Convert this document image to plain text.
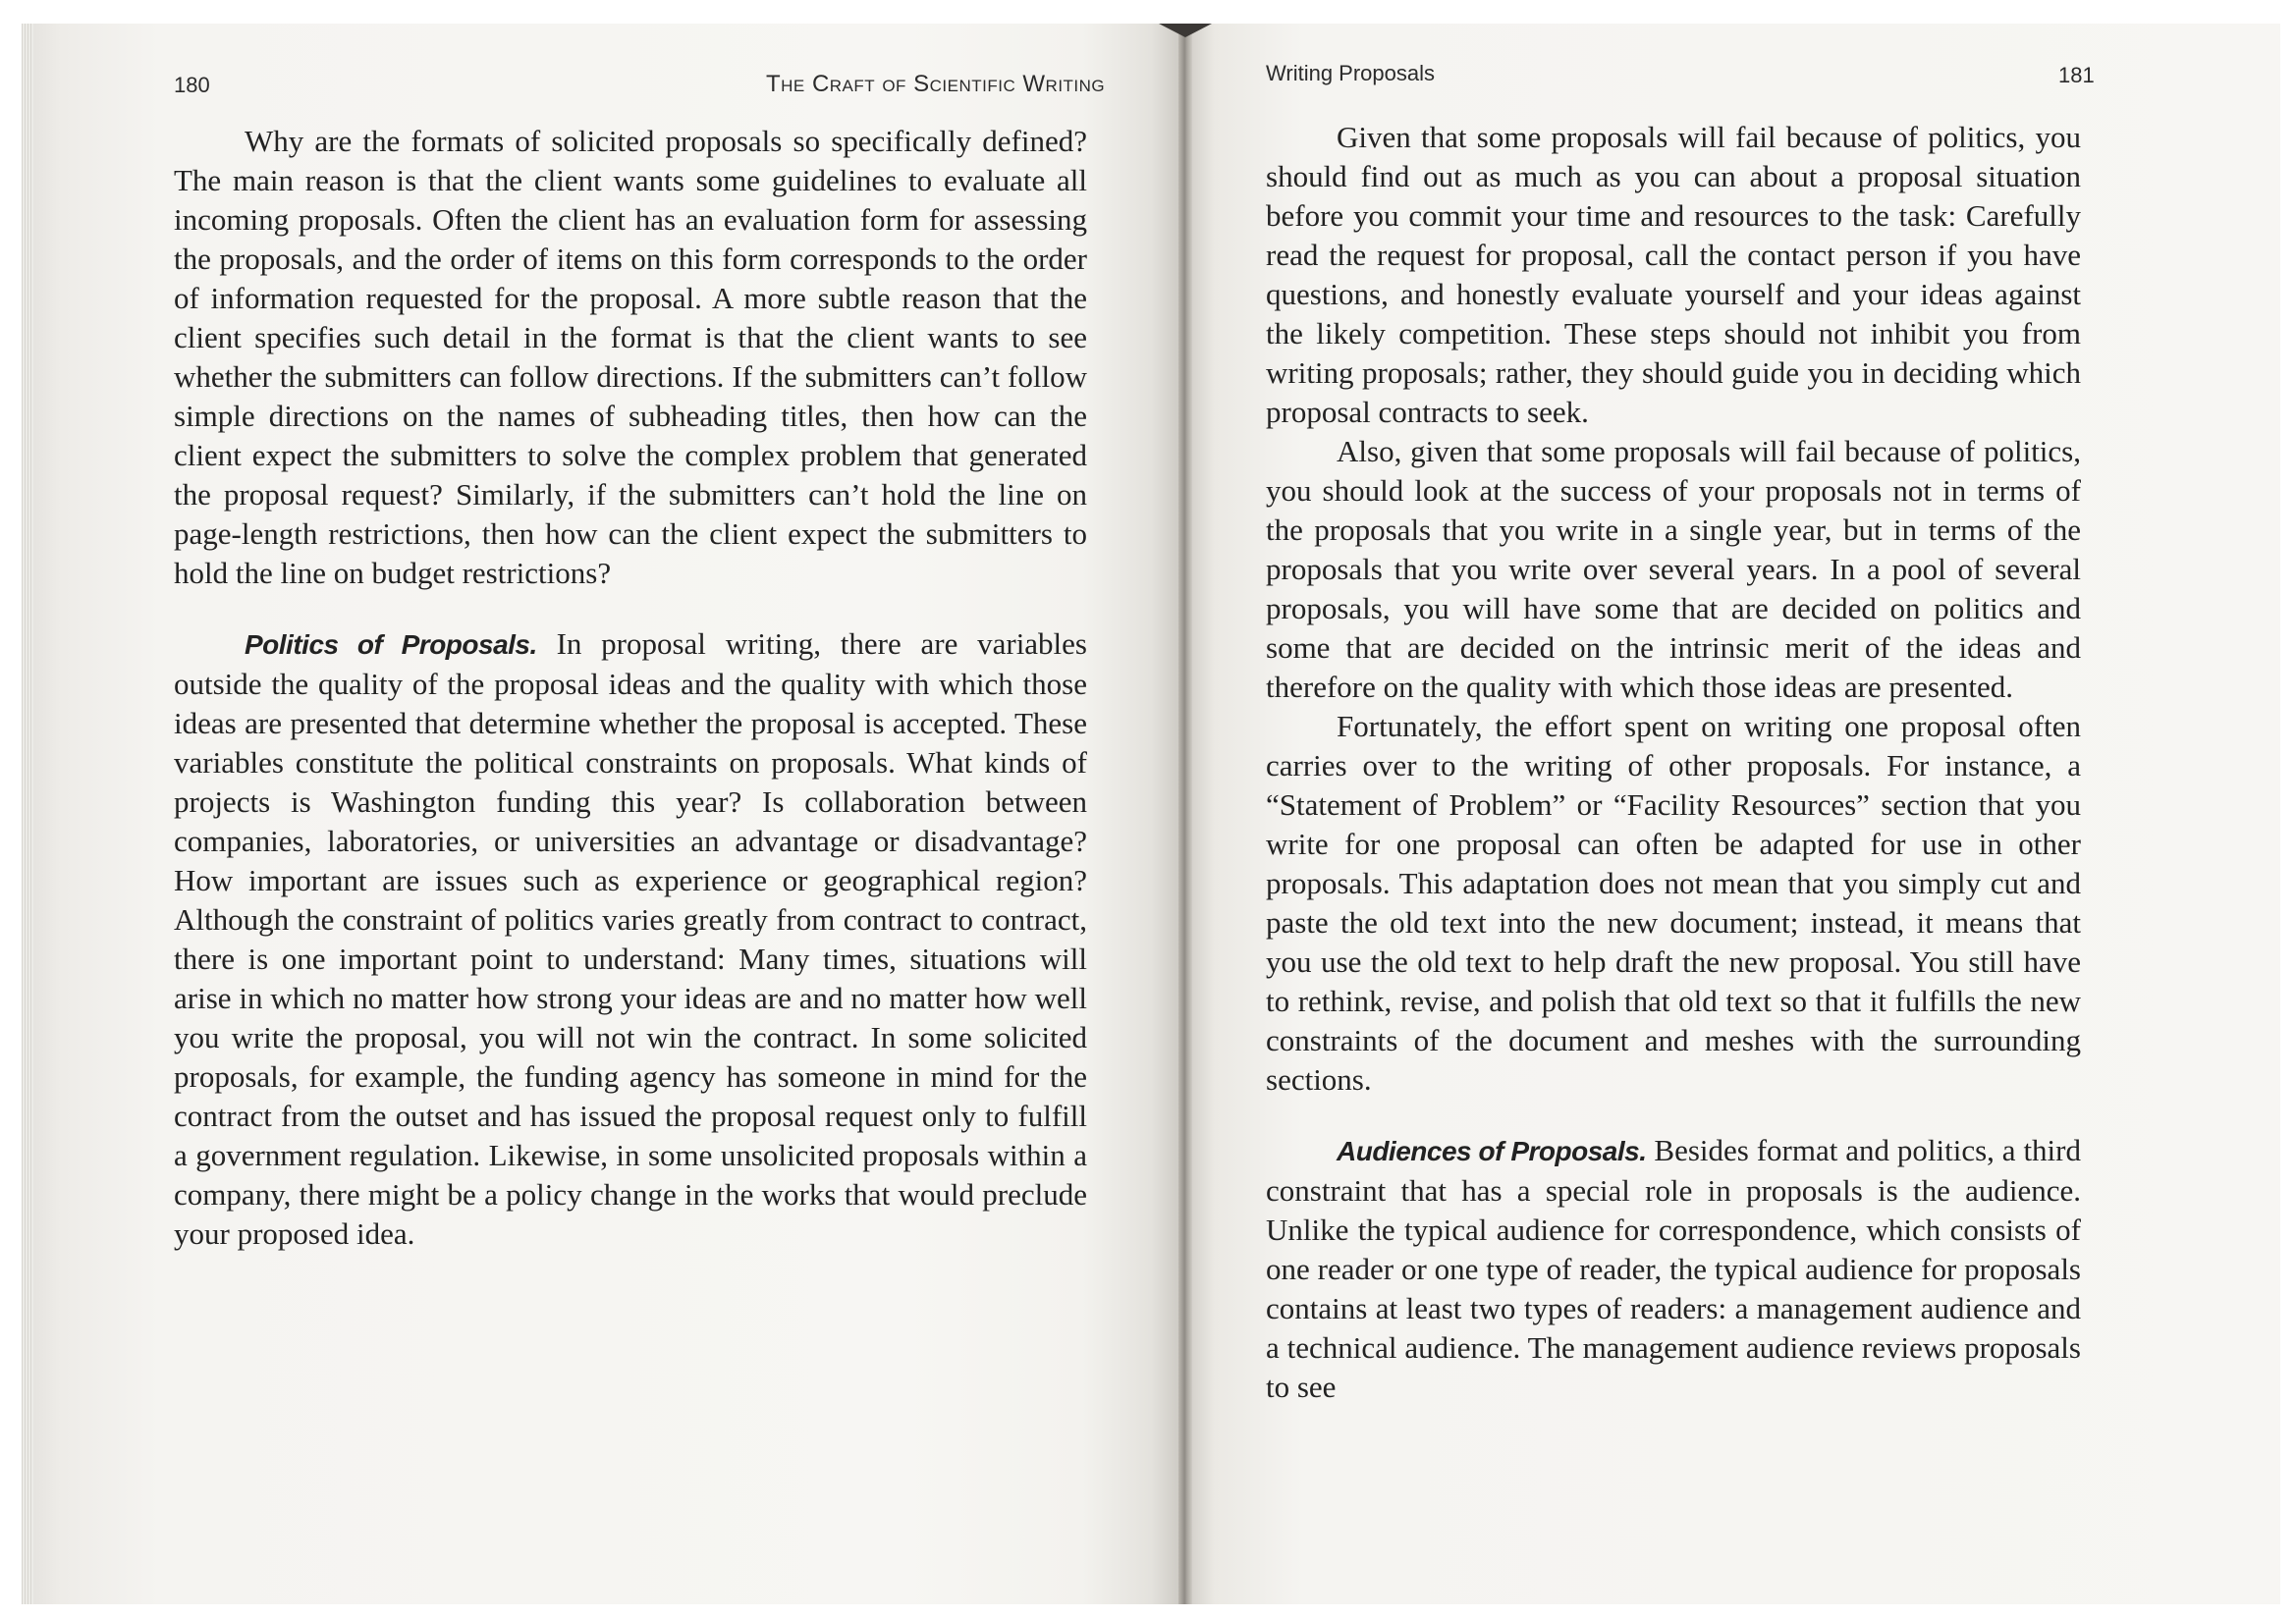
180	The Craft of Scientific Writing

Why are the formats of solicited proposals so specifically defined? The main reason is that the client wants some guidelines to evaluate all incoming proposals. Often the client has an evaluation form for assessing the proposals, and the order of items on this form corresponds to the order of information requested for the proposal. A more subtle reason that the client specifies such detail in the format is that the client wants to see whether the submitters can follow directions. If the submitters can’t follow simple directions on the names of subheading titles, then how can the client expect the submitters to solve the complex problem that generated the proposal request? Similarly, if the submitters can’t hold the line on page-length restrictions, then how can the client expect the submitters to hold the line on budget restrictions?

Politics of Proposals. In proposal writing, there are variables outside the quality of the proposal ideas and the quality with which those ideas are presented that determine whether the proposal is accepted. These variables constitute the political constraints on proposals. What kinds of projects is Washington funding this year? Is collaboration between companies, laboratories, or universities an advantage or disadvantage? How important are issues such as experience or geographical region? Although the constraint of politics varies greatly from contract to contract, there is one important point to understand: Many times, situations will arise in which no matter how strong your ideas are and no matter how well you write the proposal, you will not win the contract. In some solicited proposals, for example, the funding agency has someone in mind for the contract from the outset and has issued the proposal request only to fulfill a government regulation. Likewise, in some unsolicited proposals within a company, there might be a policy change in the works that would preclude your proposed idea.

Writing Proposals	181

Given that some proposals will fail because of politics, you should find out as much as you can about a proposal situation before you commit your time and resources to the task: Carefully read the request for proposal, call the contact person if you have questions, and honestly evaluate yourself and your ideas against the likely competition. These steps should not inhibit you from writing proposals; rather, they should guide you in deciding which proposal contracts to seek.

Also, given that some proposals will fail because of politics, you should look at the success of your proposals not in terms of the proposals that you write in a single year, but in terms of the proposals that you write over several years. In a pool of several proposals, you will have some that are decided on politics and some that are decided on the intrinsic merit of the ideas and therefore on the quality with which those ideas are presented.

Fortunately, the effort spent on writing one proposal often carries over to the writing of other proposals. For instance, a “Statement of Problem” or “Facility Resources” section that you write for one proposal can often be adapted for use in other proposals. This adaptation does not mean that you simply cut and paste the old text into the new document; instead, it means that you use the old text to help draft the new proposal. You still have to rethink, revise, and polish that old text so that it fulfills the new constraints of the document and meshes with the surrounding sections.

Audiences of Proposals. Besides format and politics, a third constraint that has a special role in proposals is the audience. Unlike the typical audience for correspondence, which consists of one reader or one type of reader, the typical audience for proposals contains at least two types of readers: a management audience and a technical audience. The management audience reviews proposals to see
